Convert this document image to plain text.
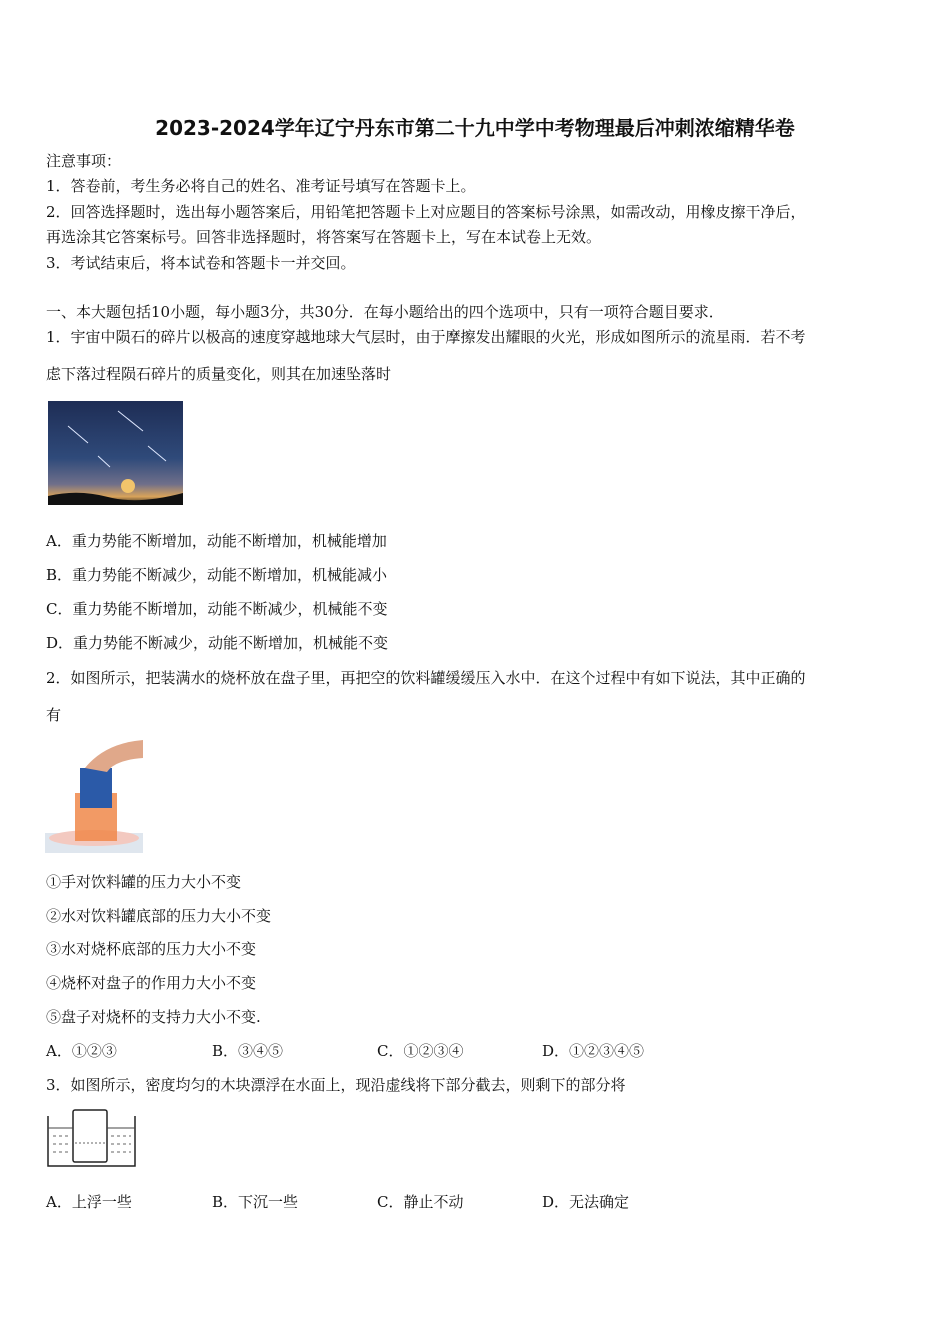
2023-2024学年辽宁丹东市第二十九中学中考物理最后冲刺浓缩精华卷
注意事项：
1．答卷前，考生务必将自己的姓名、准考证号填写在答题卡上。
2．回答选择题时，选出每小题答案后，用铅笔把答题卡上对应题目的答案标号涂黑，如需改动，用橡皮擦干净后，
再选涂其它答案标号。回答非选择题时，将答案写在答题卡上，写在本试卷上无效。
3．考试结束后，将本试卷和答题卡一并交回。
一、本大题包括10小题，每小题3分，共30分．在每小题给出的四个选项中，只有一项符合题目要求．
1．宇宙中陨石的碎片以极高的速度穿越地球大气层时，由于摩擦发出耀眼的火光，形成如图所示的流星雨．若不考
虑下落过程陨石碎片的质量变化，则其在加速坠落时
A．重力势能不断增加，动能不断增加，机械能增加
B．重力势能不断减少，动能不断增加，机械能减小
C．重力势能不断增加，动能不断减少，机械能不变
D．重力势能不断减少，动能不断增加，机械能不变
2．如图所示，把装满水的烧杯放在盘子里，再把空的饮料罐缓缓压入水中．在这个过程中有如下说法，其中正确的
有
①手对饮料罐的压力大小不变
②水对饮料罐底部的压力大小不变
③水对烧杯底部的压力大小不变
④烧杯对盘子的作用力大小不变
⑤盘子对烧杯的支持力大小不变.
A．①②③	B．③④⑤	C．①②③④	D．①②③④⑤
3．如图所示，密度均匀的木块漂浮在水面上，现沿虚线将下部分截去，则剩下的部分将
A．上浮一些	B．下沉一些	C．静止不动	D．无法确定
